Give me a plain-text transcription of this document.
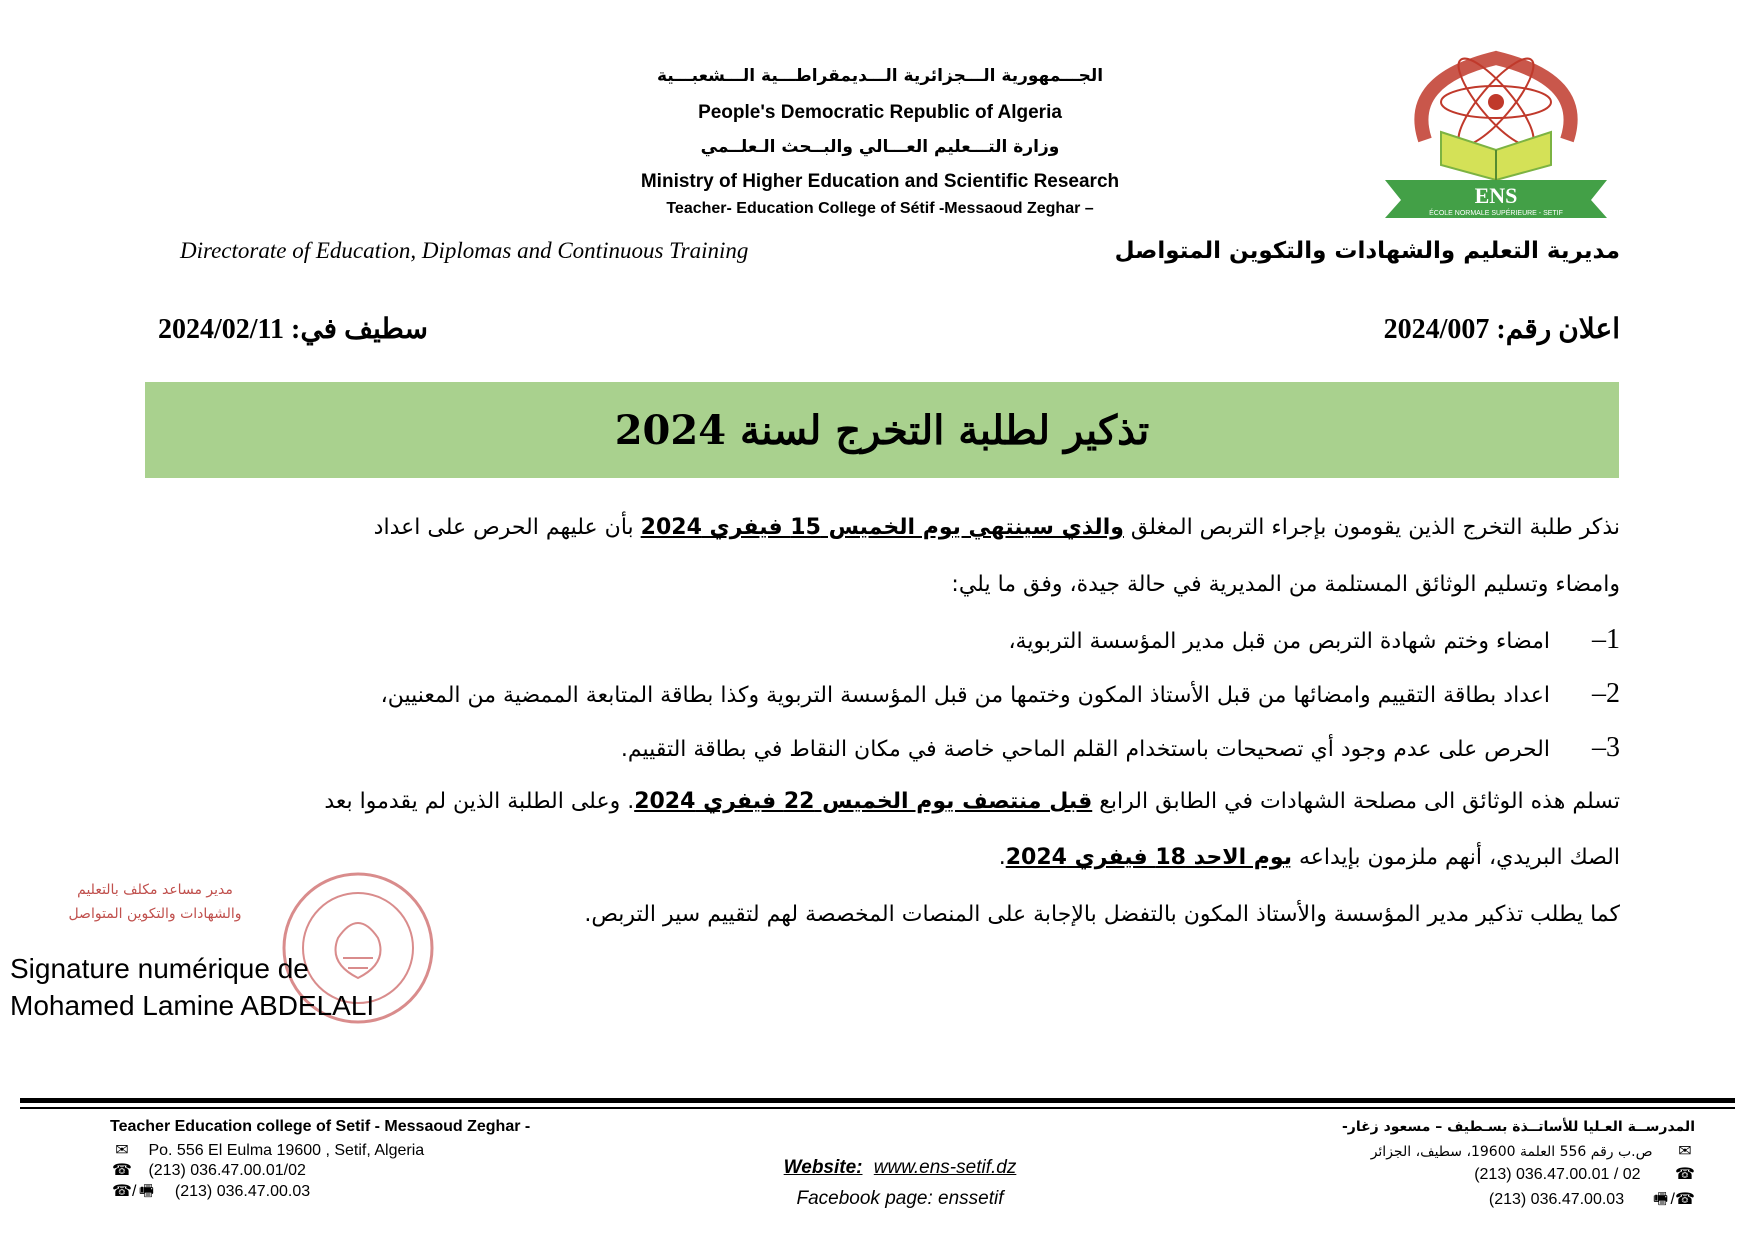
ENS
ÉCOLE NORMALE SUPÉRIEURE - SETIF
الجـــمهورية الـــجزائرية الـــديمقراطـــية الـــشعبـــية
People's Democratic Republic of Algeria
وزارة التـــعليم العـــالي والبــحث الـعلــمي
Ministry of Higher Education and Scientific Research
Teacher- Education College of Sétif -Messaoud Zeghar –
Directorate of Education, Diplomas and Continuous Training	مديرية التعليم والشهادات والتكوين المتواصل
اعلان رقم: 2024/007
سطيف في: 2024/02/11
تذكير لطلبة التخرج لسنة 2024
نذكر طلبة التخرج الذين يقومون بإجراء التربص المغلق والذي سينتهي يوم الخميس 15 فيفري 2024 بأن عليهم الحرص على اعداد
وامضاء وتسليم الوثائق المستلمة من المديرية في حالة جيدة، وفق ما يلي:
1–امضاء وختم شهادة التربص من قبل مدير المؤسسة التربوية،
2–اعداد بطاقة التقييم وامضائها من قبل الأستاذ المكون وختمها من قبل المؤسسة التربوية وكذا بطاقة المتابعة الممضية من المعنيين،
3–الحرص على عدم وجود أي تصحيحات باستخدام القلم الماحي خاصة في مكان النقاط في بطاقة التقييم.
تسلم هذه الوثائق الى مصلحة الشهادات في الطابق الرابع قبل منتصف يوم الخميس 22 فيفري 2024. وعلى الطلبة الذين لم يقدموا بعد
الصك البريدي، أنهم ملزمون بإيداعه يوم الاحد 18 فيفري 2024.
كما يطلب تذكير مدير المؤسسة والأستاذ المكون بالتفضل بالإجابة على المنصات المخصصة لهم لتقييم سير التربص.
مدير مساعد مكلف بالتعليم
والشهادات والتكوين المتواصل
Signature numérique de
Mohamed Lamine ABDELALI
Teacher Education college of Setif - Messaoud Zeghar -
✉ Po. 556 El Eulma 19600 , Setif, Algeria
☎ (213) 036.47.00.01/02
☎/ 🖷 (213) 036.47.00.03
Website: www.ens-setif.dz
Facebook page: enssetif
المدرســة العـليا للأساتــذة بسـطيف – مسعود زغار-
✉ ص.ب رقم 556 العلمة 19600، سطيف، الجزائر
(213) 036.47.00.01 / 02 ☎
(213) 036.47.00.03 🖷 /☎
